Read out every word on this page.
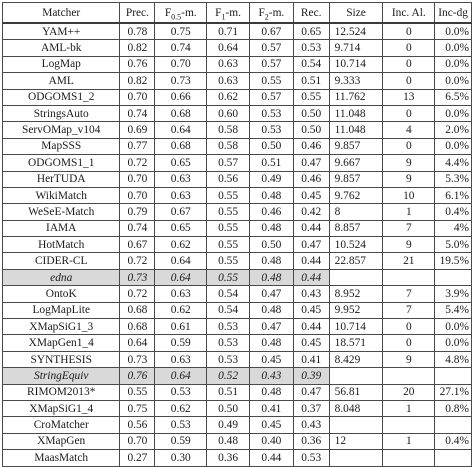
Matcher	Prec.	$F_{0.5}-m$.	$F_1-m$.	$F_2-m$.	Rec.	Size	Inc. Al.	Inc-dg
YAM++	0.78	0.75	0.71	0.67	0.65	12.524	0	0.0%
AML-bk	0.82	0.74	0.64	0.57	0.53	9.714	0	0.0%
LogMap	0.76	0.70	0.63	0.57	0.54	10.714	0	0.0%
AML	0.82	0.73	0.63	0.55	0.51	9.333	0	0.0%
ODGOMS1_2	0.70	0.66	0.62	0.57	0.55	11.762	13	6.5%
StringsAuto	0.74	0.68	0.60	0.53	0.50	11.048	0	0.0%
ServOMap_v104	0.69	0.64	0.58	0.53	0.50	11.048	4	2.0%
MapSSS	0.77	0.68	0.58	0.50	0.46	9.857	0	0.0%
ODGOMS1_1	0.72	0.65	0.57	0.51	0.47	9.667	9	4.4%
HerTUDA	0.70	0.63	0.56	0.49	0.46	9.857	9	5.3%
WikiMatch	0.70	0.63	0.55	0.48	0.45	9.762	10	6.1%
WeSeE-Match	0.79	0.67	0.55	0.46	0.42	8	1	0.4%
IAMA	0.74	0.65	0.55	0.48	0.44	8.857	7	4%
HotMatch	0.67	0.62	0.55	0.50	0.47	10.524	9	5.0%
CIDER-CL	0.72	0.64	0.55	0.48	0.44	22.857	21	19.5%
edna	0.73	0.64	0.55	0.48	0.44			
OntoK	0.72	0.63	0.54	0.47	0.43	8.952	7	3.9%
LogMapLite	0.68	0.62	0.54	0.48	0.45	9.952	7	5.4%
XMapSiG1_3	0.68	0.61	0.53	0.47	0.44	10.714	0	0.0%
XMapGen1_4	0.64	0.59	0.53	0.48	0.45	18.571	0	0.0%
SYNTHESIS	0.73	0.63	0.53	0.45	0.41	8.429	9	4.8%
StringEquiv	0.76	0.64	0.52	0.43	0.39			
RIMOM2013*	0.55	0.53	0.51	0.48	0.47	56.81	20	27.1%
XMapSiG1_4	0.75	0.62	0.50	0.41	0.37	8.048	1	0.8%
CroMatcher	0.56	0.53	0.49	0.45	0.43			
XMapGen	0.70	0.59	0.48	0.40	0.36	12	1	0.4%
MaasMatch	0.27	0.30	0.36	0.44	0.53			
